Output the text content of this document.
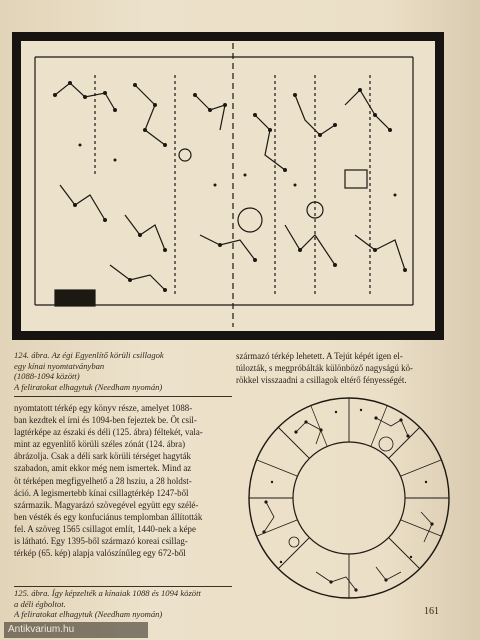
124. ábra. Az égi Egyenlítő körüli csillagok
egy kínai nyomtatványban
(1088-1094 között)
A feliratokat elhagytuk (Needham nyomán)
nyomtatott térkép egy könyv része, amelyet 1088-
ban kezdtek el írni és 1094-ben fejeztek be. Öt csil-
lagtérképe az északi és déli (125. ábra) féltekét, vala-
mint az egyenlítő körüli széles zónát (124. ábra)
ábrázolja. Csak a déli sark körüli térséget hagyták
szabadon, amit ekkor még nem ismertek. Mind az
öt térképen megfigyelhető a 28 hsziu, a 28 holdst-
áció. A legismertebb kínai csillagtérkép 1247-ből
származik. Magyarázó szövegével együtt egy szélé-
ben vésték és egy konfuciánus templomban állították
fel. A szöveg 1565 csillagot említ, 1440-nek a képe
is látható. Egy 1395-ből származó koreai csillag-
térkép (65. kép) alapja valószínűleg egy 672-ből
származó térkép lehetett. A Tejút képét igen el-
túlozták, s megpróbálták különböző nagyságú kö-
rökkel visszaadni a csillagok eltérő fényességét.
125. ábra. Így képzelték a kínaiak 1088 és 1094 között
a déli égboltot.
A feliratokat elhagytuk (Needham nyomán)	161
Antikvarium.hu
